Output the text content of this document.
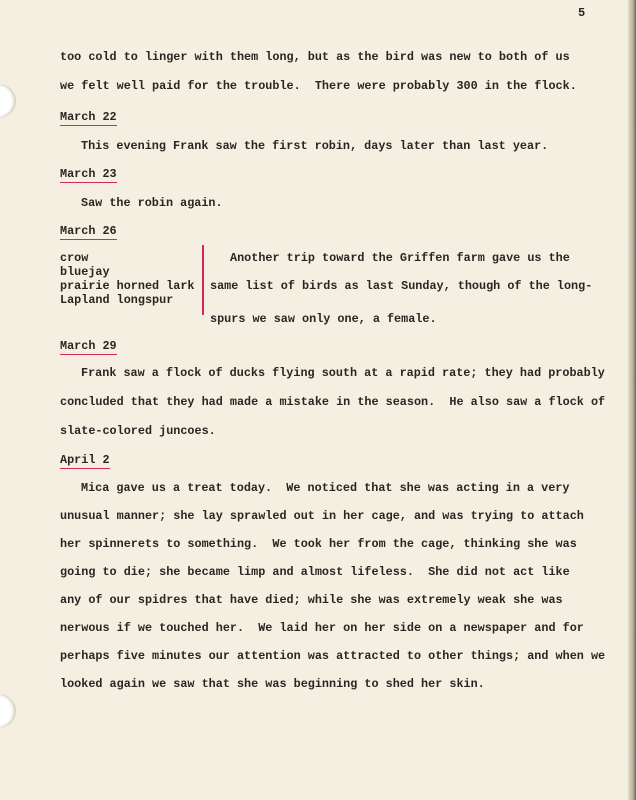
5
too cold to linger with them long, but as the bird was new to both of us
we felt well paid for the trouble.  There were probably 300 in the flock.
March 22
This evening Frank saw the first robin, days later than last year.
March 23
Saw the robin again.
March 26
crow
bluejay
prairie horned lark
Lapland longspur
Another trip toward the Griffen farm gave us the
same list of birds as last Sunday, though of the long-
spurs we saw only one, a female.
March 29
Frank saw a flock of ducks flying south at a rapid rate; they had probably
concluded that they had made a mistake in the season.  He also saw a flock of
slate-colored juncoes.
April 2
Mica gave us a treat today.  We noticed that she was acting in a very
unusual manner; she lay sprawled out in her cage, and was trying to attach
her spinnerets to something.  We took her from the cage, thinking she was
going to die; she became limp and almost lifeless.  She did not act like
any of our spidres that have died; while she was extremely weak she was
nerwous if we touched her.  We laid her on her side on a newspaper and for
perhaps five minutes our attention was attracted to other things; and when we
looked again we saw that she was beginning to shed her skin.
